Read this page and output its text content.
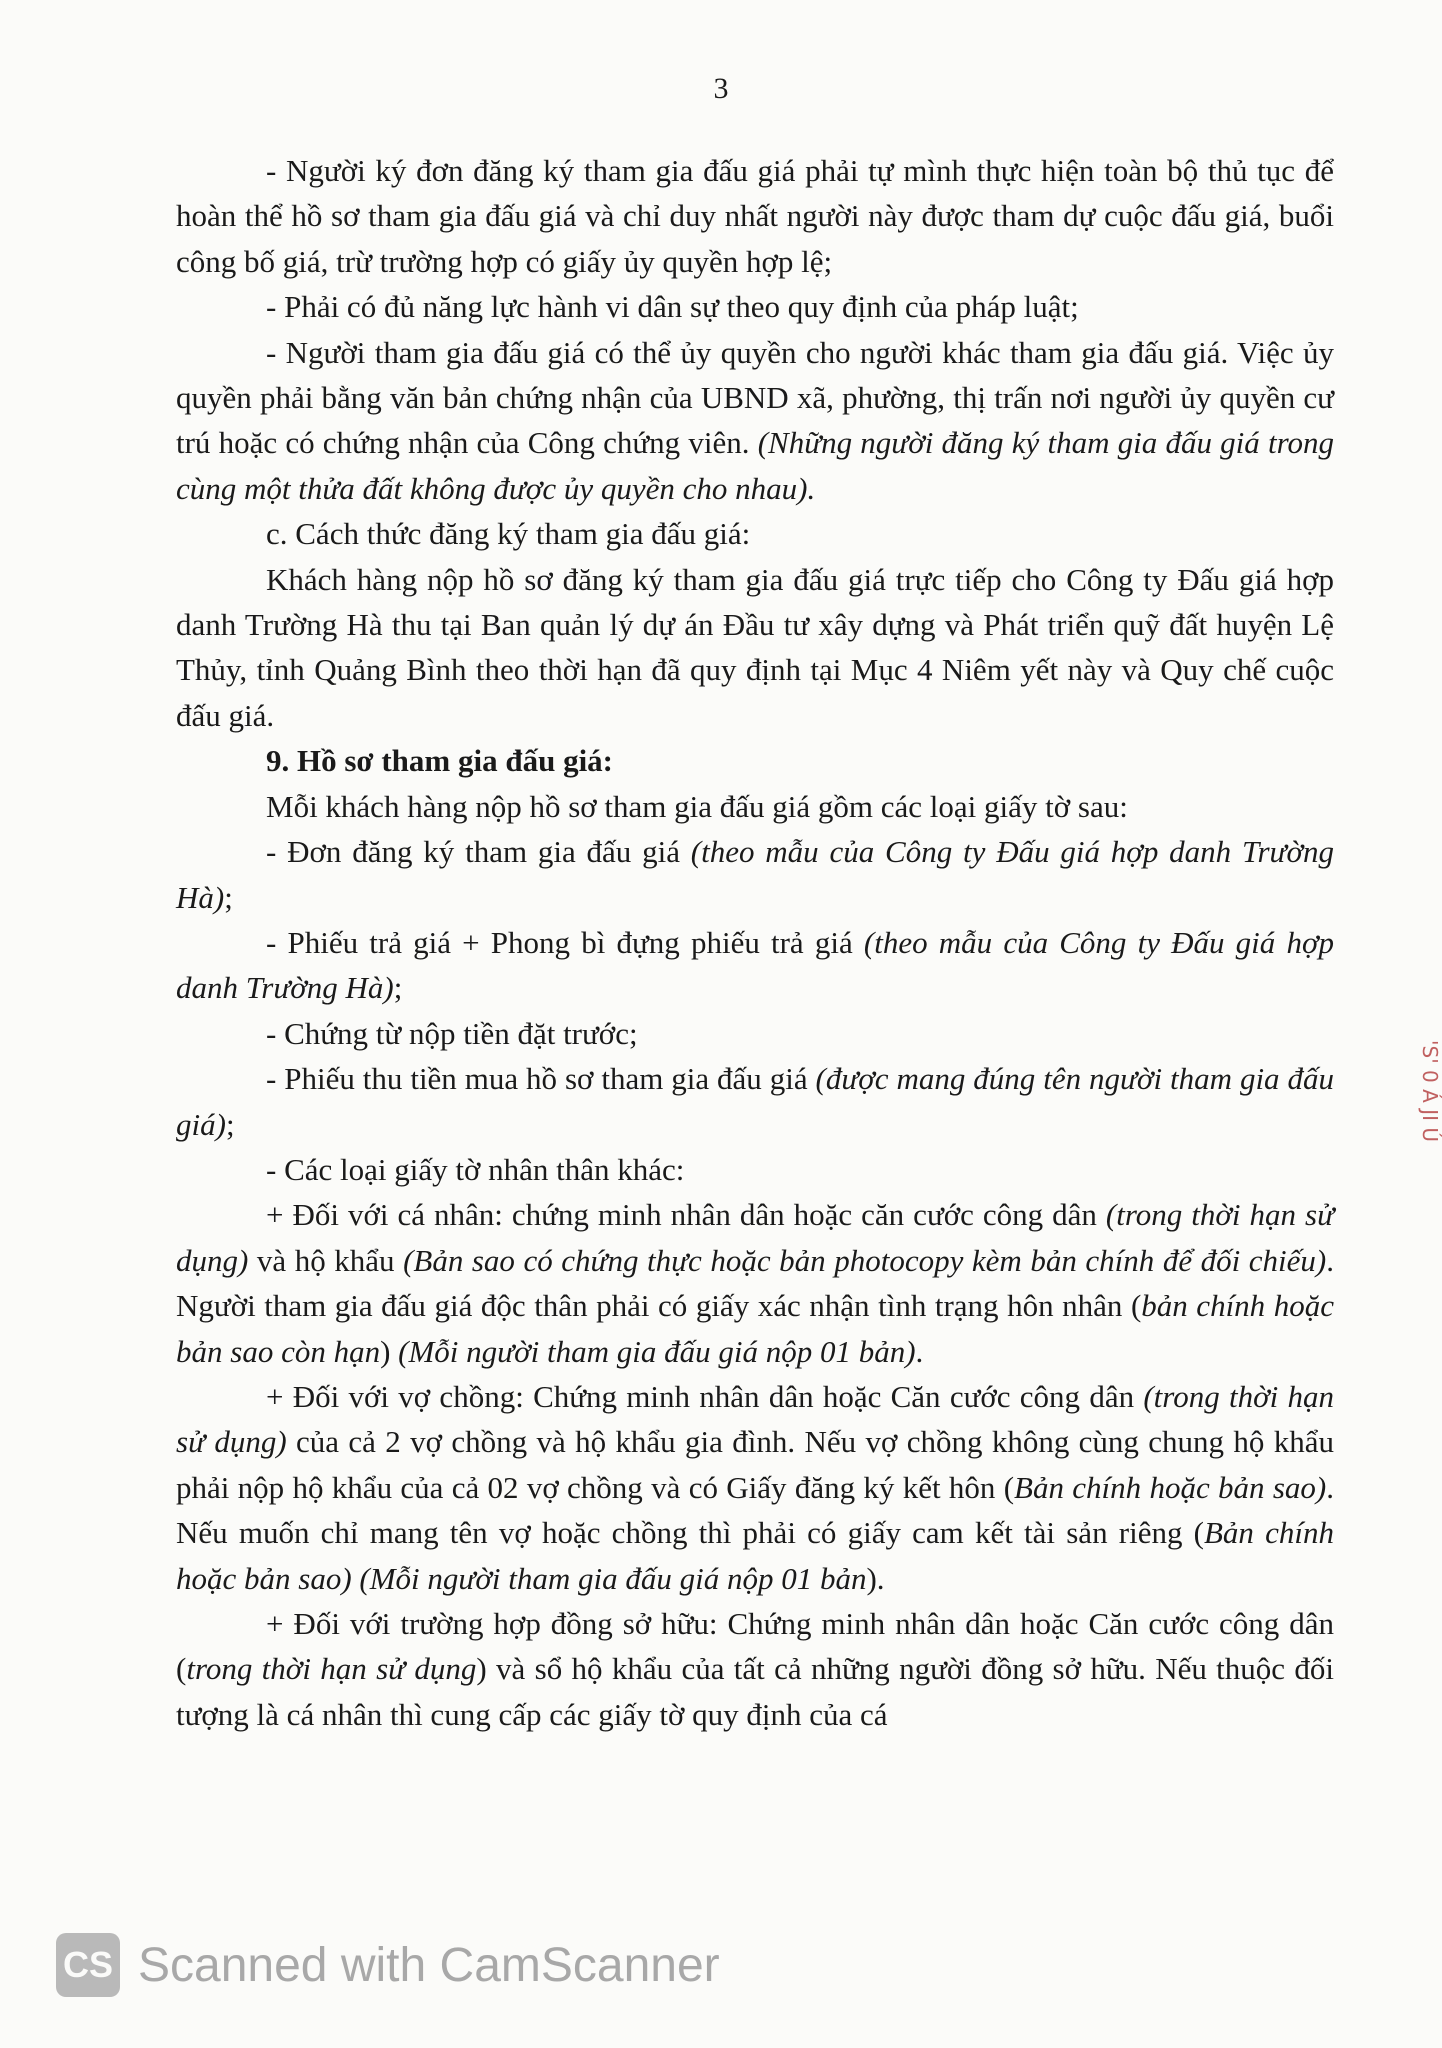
3

- Người ký đơn đăng ký tham gia đấu giá phải tự mình thực hiện toàn bộ thủ tục để hoàn thể hồ sơ tham gia đấu giá và chỉ duy nhất người này được tham dự cuộc đấu giá, buổi công bố giá, trừ trường hợp có giấy ủy quyền hợp lệ;

- Phải có đủ năng lực hành vi dân sự theo quy định của pháp luật;

- Người tham gia đấu giá có thể ủy quyền cho người khác tham gia đấu giá. Việc ủy quyền phải bằng văn bản chứng nhận của UBND xã, phường, thị trấn nơi người ủy quyền cư trú hoặc có chứng nhận của Công chứng viên. (Những người đăng ký tham gia đấu giá trong cùng một thửa đất không được ủy quyền cho nhau).

c. Cách thức đăng ký tham gia đấu giá:

Khách hàng nộp hồ sơ đăng ký tham gia đấu giá trực tiếp cho Công ty Đấu giá hợp danh Trường Hà thu tại Ban quản lý dự án Đầu tư xây dựng và Phát triển quỹ đất huyện Lệ Thủy, tỉnh Quảng Bình theo thời hạn đã quy định tại Mục 4 Niêm yết này và Quy chế cuộc đấu giá.

9. Hồ sơ tham gia đấu giá:

Mỗi khách hàng nộp hồ sơ tham gia đấu giá gồm các loại giấy tờ sau:

- Đơn đăng ký tham gia đấu giá (theo mẫu của Công ty Đấu giá hợp danh Trường Hà);

- Phiếu trả giá + Phong bì đựng phiếu trả giá (theo mẫu của Công ty Đấu giá hợp danh Trường Hà);

- Chứng từ nộp tiền đặt trước;

- Phiếu thu tiền mua hồ sơ tham gia đấu giá (được mang đúng tên người tham gia đấu giá);

- Các loại giấy tờ nhân thân khác:

+ Đối với cá nhân: chứng minh nhân dân hoặc căn cước công dân (trong thời hạn sử dụng) và hộ khẩu (Bản sao có chứng thực hoặc bản photocopy kèm bản chính để đối chiếu). Người tham gia đấu giá độc thân phải có giấy xác nhận tình trạng hôn nhân (bản chính hoặc bản sao còn hạn) (Mỗi người tham gia đấu giá nộp 01 bản).

+ Đối với vợ chồng: Chứng minh nhân dân hoặc Căn cước công dân (trong thời hạn sử dụng) của cả 2 vợ chồng và hộ khẩu gia đình. Nếu vợ chồng không cùng chung hộ khẩu phải nộp hộ khẩu của cả 02 vợ chồng và có Giấy đăng ký kết hôn (Bản chính hoặc bản sao). Nếu muốn chỉ mang tên vợ hoặc chồng thì phải có giấy cam kết tài sản riêng (Bản chính hoặc bản sao) (Mỗi người tham gia đấu giá nộp 01 bản).

+ Đối với trường hợp đồng sở hữu: Chứng minh nhân dân hoặc Căn cước công dân (trong thời hạn sử dụng) và sổ hộ khẩu của tất cả những người đồng sở hữu. Nếu thuộc đối tượng là cá nhân thì cung cấp các giấy tờ quy định của cá

'S' 0 Á JI Ú
CS Scanned with CamScanner
